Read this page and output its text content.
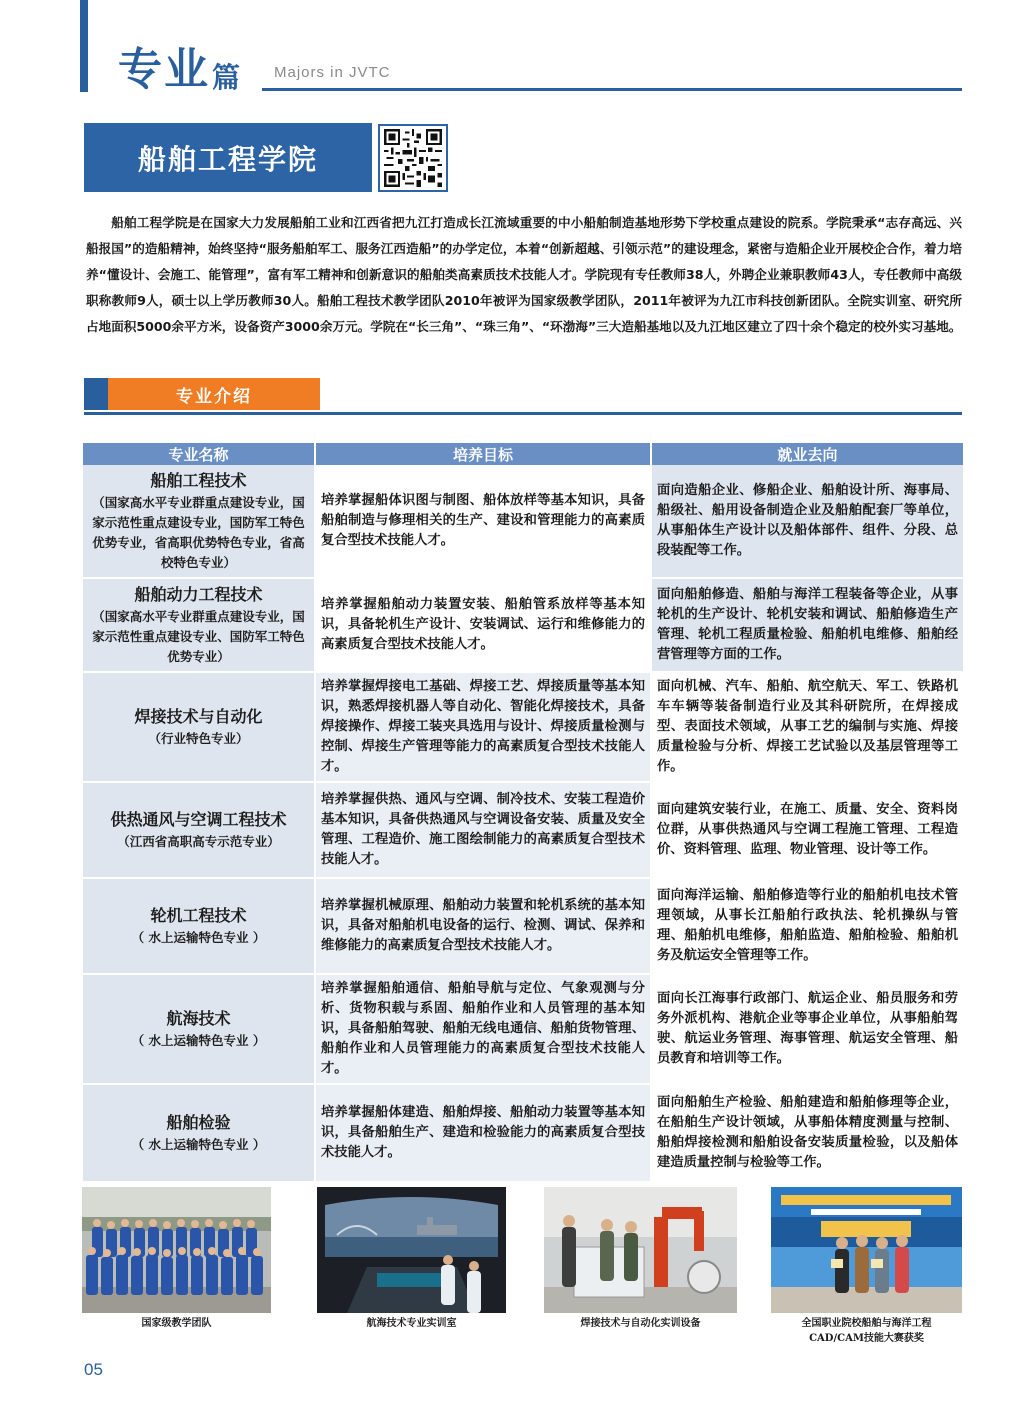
专业 篇 Majors in JVTC
船舶工程学院

船舶工程学院是在国家大力发展船舶工业和江西省把九江打造成长江流域重要的中小船舶制造基地形势下学校重点建设的院系。学院秉承“志存高远、兴船报国”的造船精神，始终坚持“服务船舶军工、服务江西造船”的办学定位，本着“创新超越、引领示范”的建设理念，紧密与造船企业开展校企合作，着力培养“懂设计、会施工、能管理”，富有军工精神和创新意识的船舶类高素质技术技能人才。学院现有专任教师38人，外聘企业兼职教师43人，专任教师中高级职称教师9人，硕士以上学历教师30人。船舶工程技术教学团队2010年被评为国家级教学团队，2011年被评为九江市科技创新团队。全院实训室、研究所占地面积5000余平方米，设备资产3000余万元。学院在“长三角”、“珠三角”、“环渤海”三大造船基地以及九江地区建立了四十余个稳定的校外实习基地。

专业介绍
专业名称	培养目标	就业去向

船舶工程技术
（国家高水平专业群重点建设专业，国家示范性重点建设专业，国防军工特色优势专业，省高职优势特色专业，省高校特色专业）	培养掌握船体识图与制图、船体放样等基本知识，具备船舶制造与修理相关的生产、建设和管理能力的高素质复合型技术技能人才。	面向造船企业、修船企业、船舶设计所、海事局、船级社、船用设备制造企业及船舶配套厂等单位，从事船体生产设计以及船体部件、组件、分段、总段装配等工作。

船舶动力工程技术
（国家高水平专业群重点建设专业，国家示范性重点建设专业、国防军工特色优势专业）	培养掌握船舶动力装置安装、船舶管系放样等基本知识，具备轮机生产设计、安装调试、运行和维修能力的高素质复合型技术技能人才。	面向船舶修造、船舶与海洋工程装备等企业，从事轮机的生产设计、轮机安装和调试、船舶修造生产管理、轮机工程质量检验、船舶机电维修、船舶经营管理等方面的工作。

焊接技术与自动化
（行业特色专业）	培养掌握焊接电工基础、焊接工艺、焊接质量等基本知识，熟悉焊接机器人等自动化、智能化焊接技术，具备焊接操作、焊接工装夹具选用与设计、焊接质量检测与控制、焊接生产管理等能力的高素质复合型技术技能人才。	面向机械、汽车、船舶、航空航天、军工、铁路机车车辆等装备制造行业及其科研院所，在焊接成型、表面技术领域，从事工艺的编制与实施、焊接质量检验与分析、焊接工艺试验以及基层管理等工作。

供热通风与空调工程技术
（江西省高职高专示范专业）	培养掌握供热、通风与空调、制冷技术、安装工程造价基本知识，具备供热通风与空调设备安装、质量及安全管理、工程造价、施工图绘制能力的高素质复合型技术技能人才。	面向建筑安装行业，在施工、质量、安全、资料岗位群，从事供热通风与空调工程施工管理、工程造价、资料管理、监理、物业管理、设计等工作。

轮机工程技术
（ 水上运输特色专业 ）	培养掌握机械原理、船舶动力装置和轮机系统的基本知识，具备对船舶机电设备的运行、检测、调试、保养和维修能力的高素质复合型技术技能人才。	面向海洋运输、船舶修造等行业的船舶机电技术管理领域，从事长江船舶行政执法、轮机操纵与管理、船舶机电维修，船舶监造、船舶检验、船舶机务及航运安全管理等工作。

航海技术
（ 水上运输特色专业 ）	培养掌握船舶通信、船舶导航与定位、气象观测与分析、货物积载与系固、船舶作业和人员管理的基本知识，具备船舶驾驶、船舶无线电通信、船舶货物管理、船舶作业和人员管理能力的高素质复合型技术技能人才。	面向长江海事行政部门、航运企业、船员服务和劳务外派机构、港航企业等事企业单位，从事船舶驾驶、航运业务管理、海事管理、航运安全管理、船员教育和培训等工作。

船舶检验
（ 水上运输特色专业 ）	培养掌握船体建造、船舶焊接、船舶动力装置等基本知识，具备船舶生产、建造和检验能力的高素质复合型技术技能人才。	面向船舶生产检验、船舶建造和船舶修理等企业，在船舶生产设计领域，从事船体精度测量与控制、船舶焊接检测和船舶设备安装质量检验，以及船体建造质量控制与检验等工作。
国家级教学团队	航海技术专业实训室	焊接技术与自动化实训设备	全国职业院校船舶与海洋工程
CAD/CAM技能大赛获奖
05
